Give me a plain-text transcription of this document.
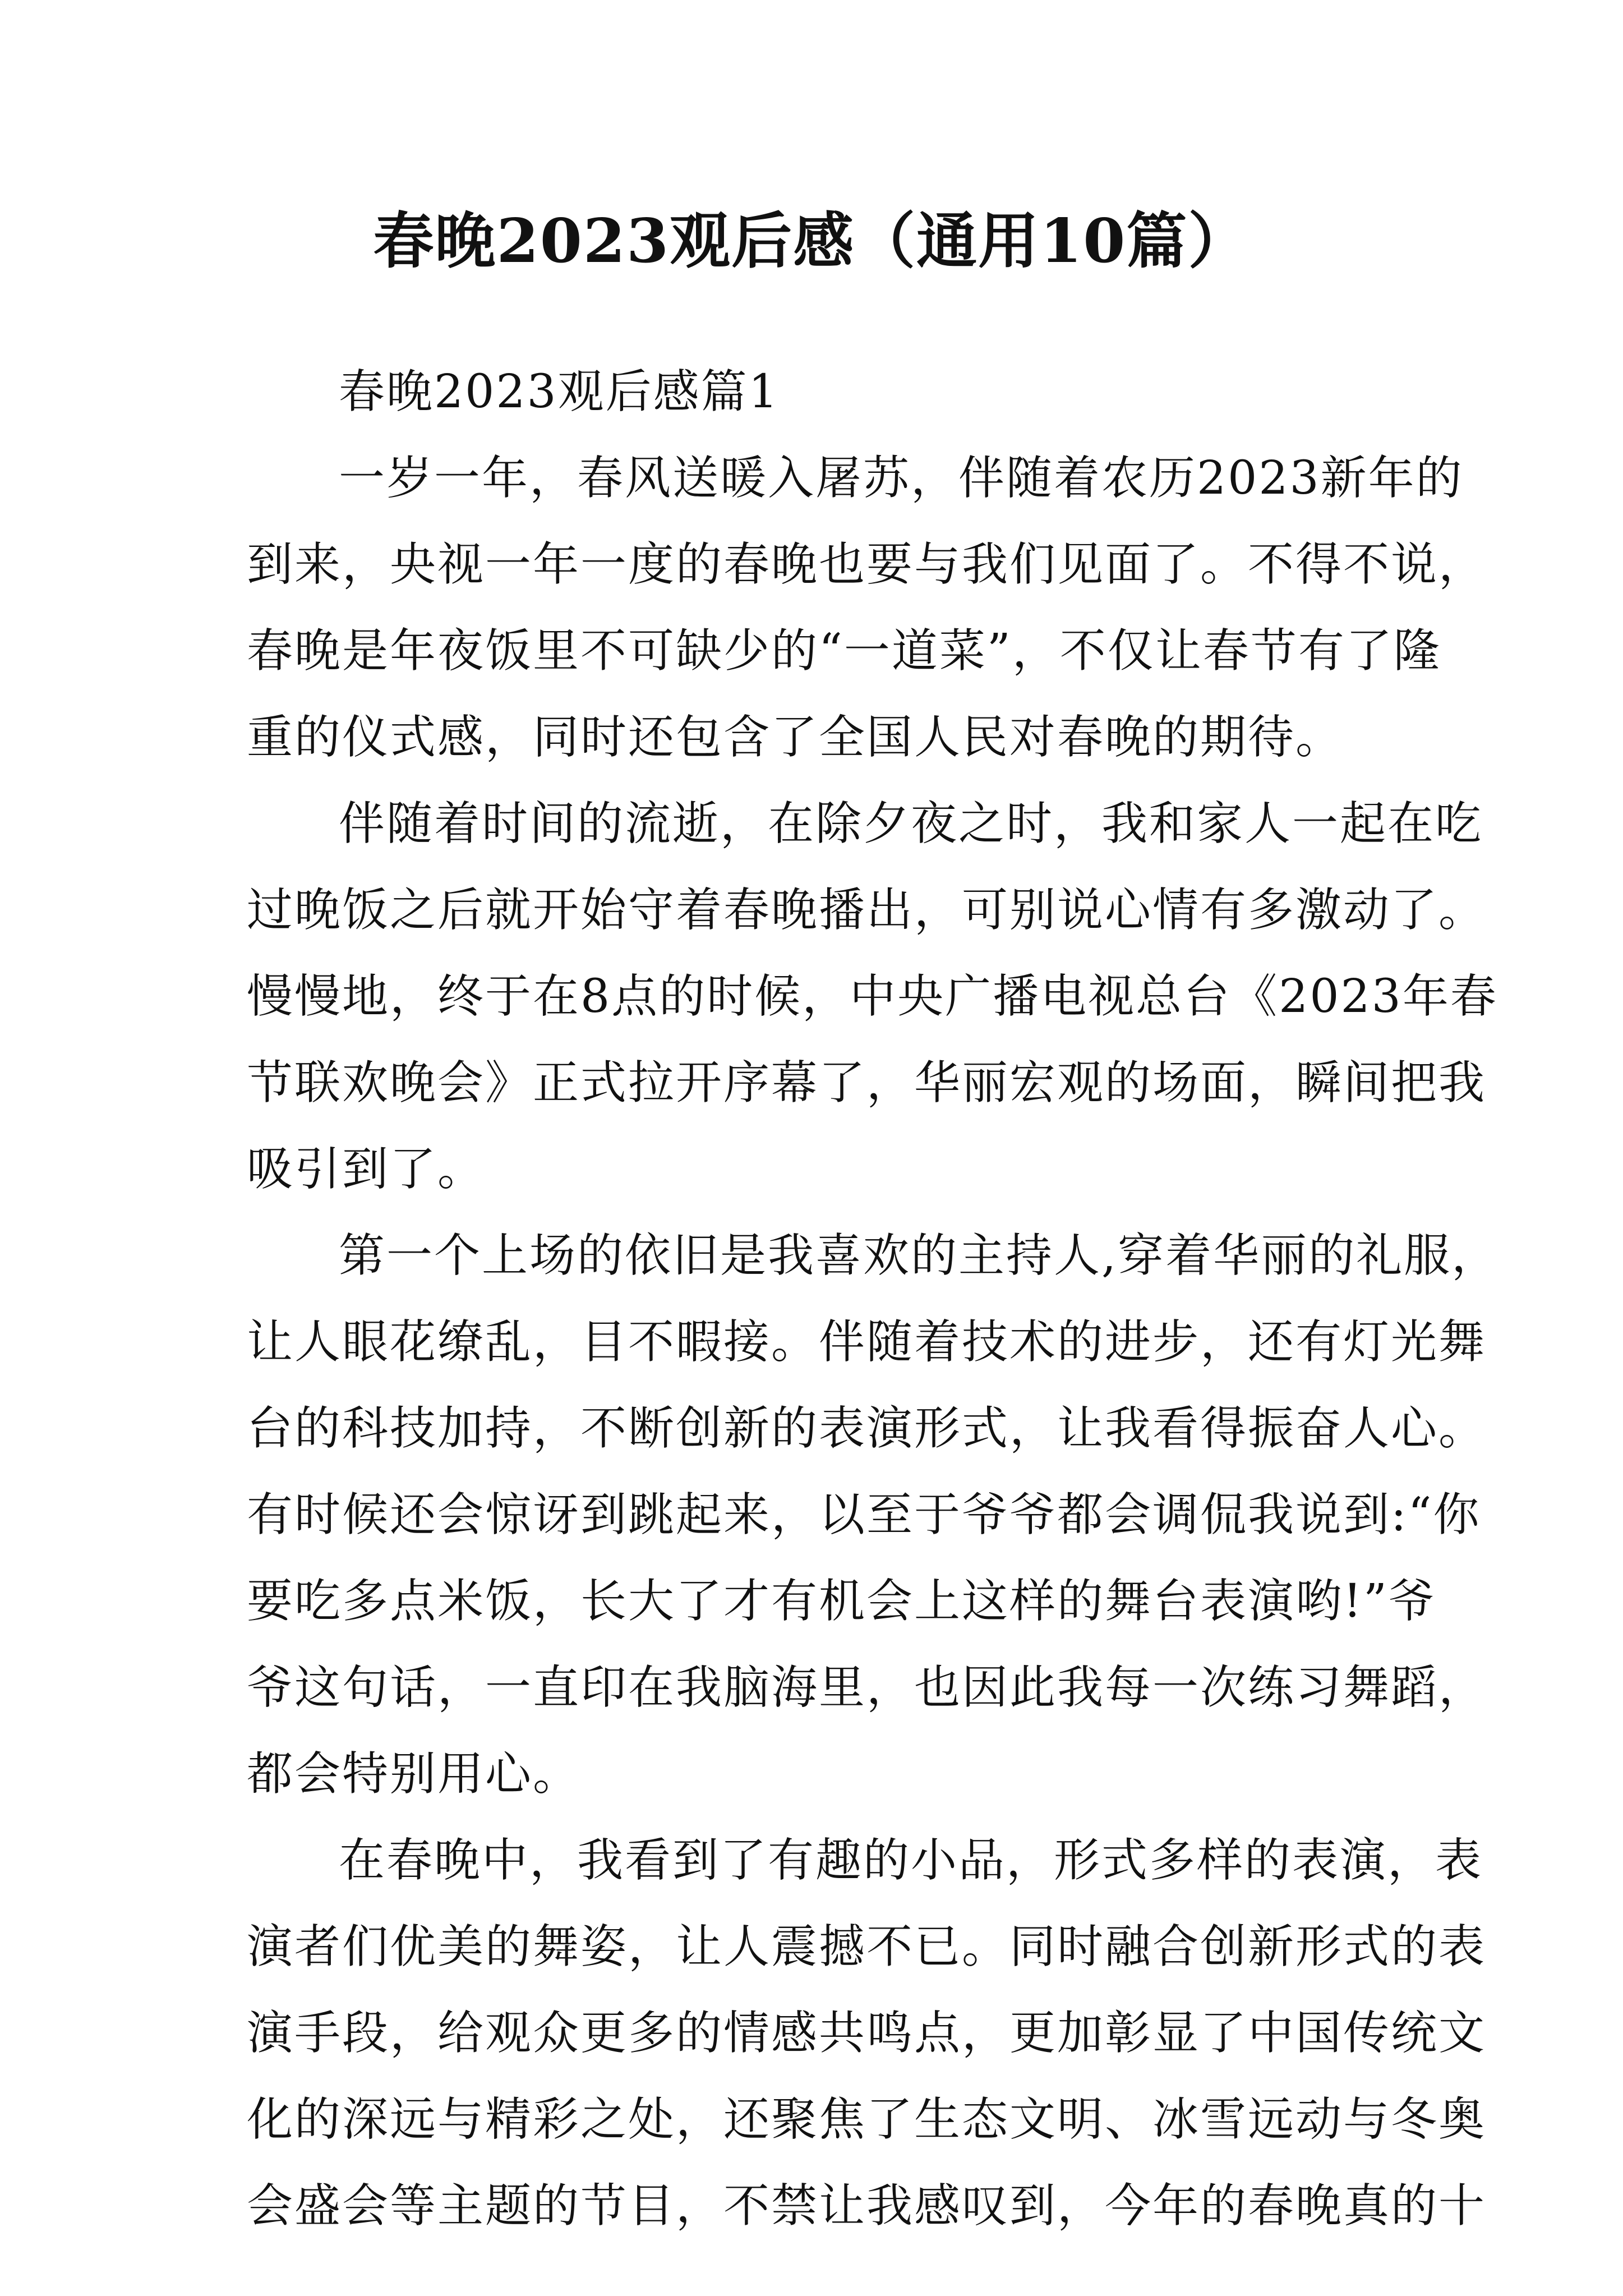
春晚2023观后感（通用10篇）
春晚2023观后感篇1
一岁一年，春风送暖入屠苏，伴随着农历2023新年的
到来，央视一年一度的春晚也要与我们见面了。不得不说，
春晚是年夜饭里不可缺少的“一道菜”，不仅让春节有了隆
重的仪式感，同时还包含了全国人民对春晚的期待。
伴随着时间的流逝，在除夕夜之时，我和家人一起在吃
过晚饭之后就开始守着春晚播出，可别说心情有多激动了。
慢慢地，终于在8点的时候，中央广播电视总台《2023年春
节联欢晚会》正式拉开序幕了，华丽宏观的场面，瞬间把我
吸引到了。
第一个上场的依旧是我喜欢的主持人,穿着华丽的礼服，
让人眼花缭乱，目不暇接。伴随着技术的进步，还有灯光舞
台的科技加持，不断创新的表演形式，让我看得振奋人心。
有时候还会惊讶到跳起来，以至于爷爷都会调侃我说到:“你
要吃多点米饭，长大了才有机会上这样的舞台表演哟!”爷
爷这句话，一直印在我脑海里，也因此我每一次练习舞蹈，
都会特别用心。
在春晚中，我看到了有趣的小品，形式多样的表演，表
演者们优美的舞姿，让人震撼不已。同时融合创新形式的表
演手段，给观众更多的情感共鸣点，更加彰显了中国传统文
化的深远与精彩之处，还聚焦了生态文明、冰雪远动与冬奥
会盛会等主题的节目，不禁让我感叹到，今年的春晚真的十
